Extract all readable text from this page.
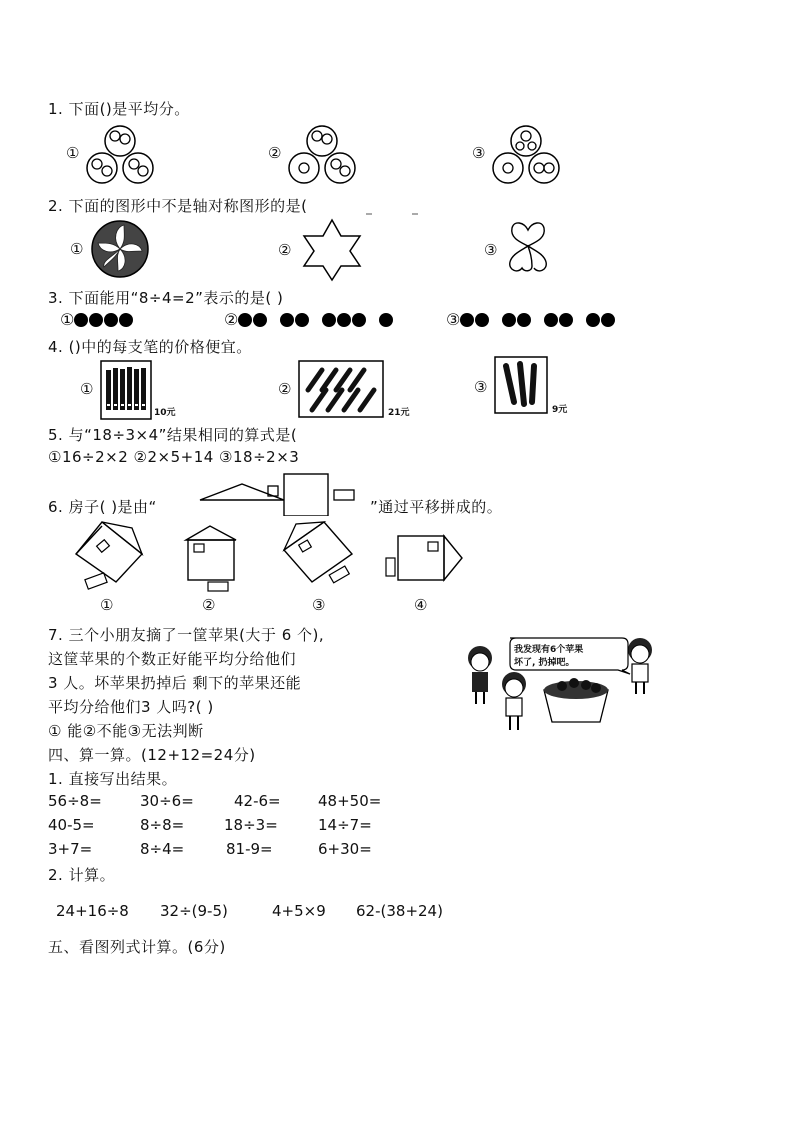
1. 下面()是平均分。
①	②	③
2. 下面的图形中不是轴对称图形的是(
①	②	③
3. 下面能用“8÷4=2”表示的是( )
①	②	③
4. ()中的每支笔的价格便宜。
①
10元
②
21元
③
9元
5. 与“18÷3×4”结果相同的算式是(
①16÷2×2 ②2×5+14 ③18÷2×3
6. 房子( )是由“	”通过平移拼成的。
①	②	③	④
7. 三个小朋友摘了一筐苹果(大于 6 个),
这筐苹果的个数正好能平均分给他们
3 人。坏苹果扔掉后 剩下的苹果还能
平均分给他们3 人吗?( )
① 能②不能③无法判断
我发现有6个苹果
坏了, 扔掉吧。
四、算一算。(12+12=24分)
1. 直接写出结果。
56÷8=	30÷6=	42-6= 48+50=
40-5=	8÷8=	18÷3=	14÷7=
3+7=	8÷4=	81-9=	6+30=
2. 计算。
24+16÷8 32÷(9-5)	4+5×9 62-(38+24)
五、看图列式计算。(6分)
